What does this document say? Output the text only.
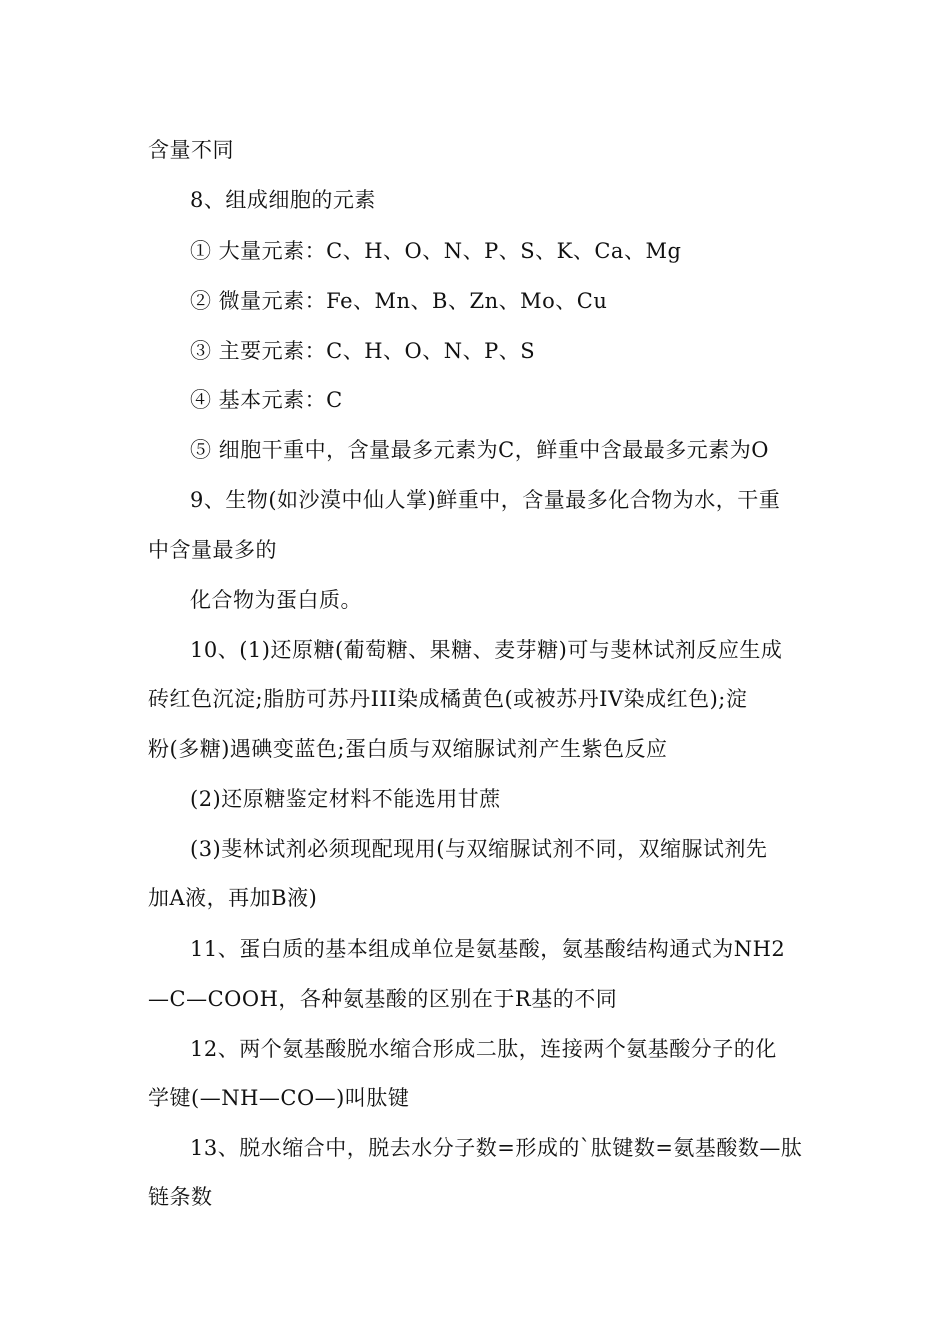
含量不同
8、组成细胞的元素
① 大量元素：C、H、O、N、P、S、K、Ca、Mg
② 微量元素：Fe、Mn、B、Zn、Mo、Cu
③ 主要元素：C、H、O、N、P、S
④ 基本元素：C
⑤ 细胞干重中，含量最多元素为C，鲜重中含最最多元素为O
9、生物(如沙漠中仙人掌)鲜重中，含量最多化合物为水，干重
中含量最多的
化合物为蛋白质。
10、(1)还原糖(葡萄糖、果糖、麦芽糖)可与斐林试剂反应生成
砖红色沉淀;脂肪可苏丹III染成橘黄色(或被苏丹IV染成红色);淀
粉(多糖)遇碘变蓝色;蛋白质与双缩脲试剂产生紫色反应
(2)还原糖鉴定材料不能选用甘蔗
(3)斐林试剂必须现配现用(与双缩脲试剂不同，双缩脲试剂先
加A液，再加B液)
11、蛋白质的基本组成单位是氨基酸，氨基酸结构通式为NH2
—C—COOH，各种氨基酸的区别在于R基的不同
12、两个氨基酸脱水缩合形成二肽，连接两个氨基酸分子的化
学键(—NH—CO—)叫肽键
13、脱水缩合中，脱去水分子数=形成的`肽键数=氨基酸数—肽
链条数
